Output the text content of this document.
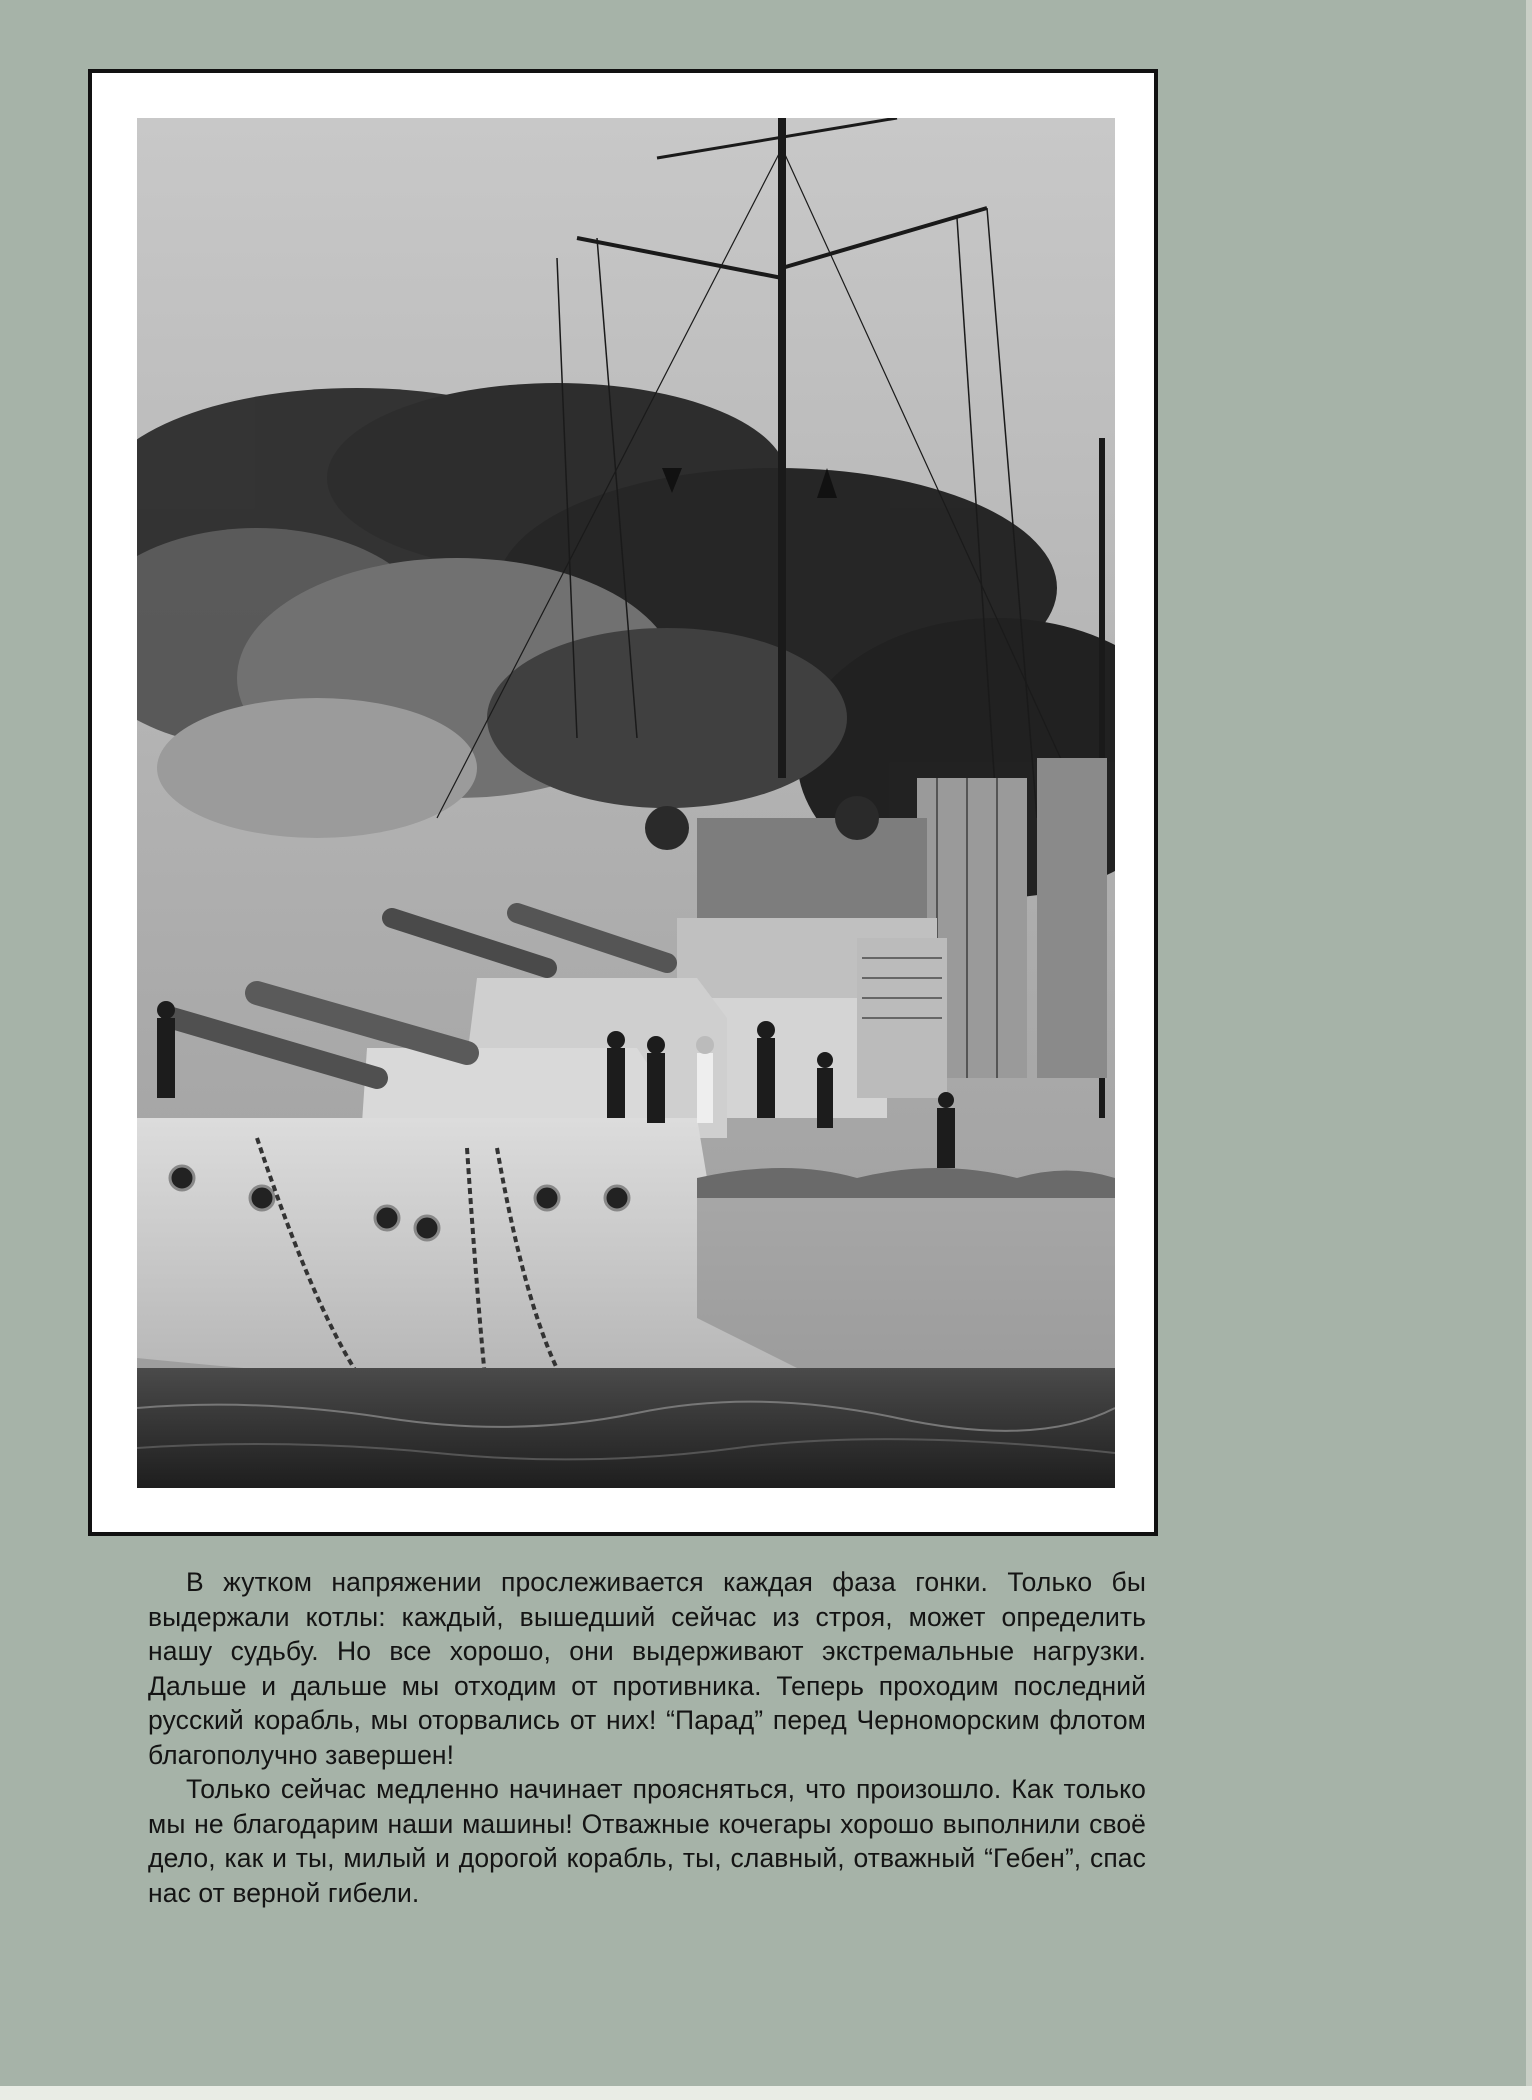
В жутком напряжении прослеживается каждая фаза гонки. Только бы выдержали котлы: каждый, вышедший сейчас из строя, может определить нашу судьбу. Но все хорошо, они выдерживают экстремальные нагрузки. Дальше и дальше мы отходим от противника. Теперь проходим последний русский корабль, мы оторвались от них! “Парад” перед Черноморским флотом благополучно завершен!

Только сейчас медленно начинает проясняться, что произошло. Как только мы не благодарим наши машины! Отважные кочегары хорошо выполнили своё дело, как и ты, милый и дорогой корабль, ты, славный, отважный “Гебен”, спас нас от верной гибели.
